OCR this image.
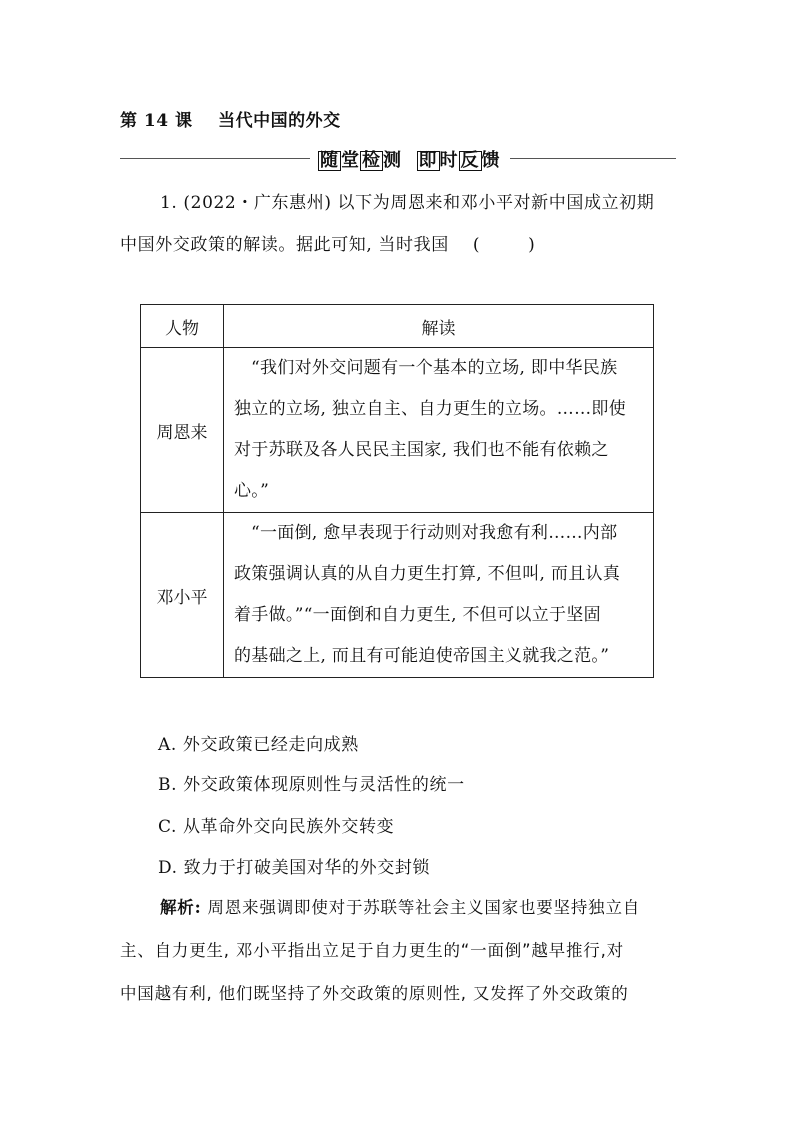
第 14 课    当代中国的外交
随 堂 检 测 即 时 反 馈
1. (2022・广东惠州) 以下为周恩来和邓小平对新中国成立初期
中国外交政策的解读。据此可知, 当时我国    (        )
人物	解读
周恩来	“我们对外交问题有一个基本的立场, 即中华民族
独立的立场, 独立自主、自力更生的立场。……即使
对于苏联及各人民民主国家, 我们也不能有依赖之
心。”

邓小平	“一面倒, 愈早表现于行动则对我愈有利……内部
政策强调认真的从自力更生打算, 不但叫, 而且认真
着手做。”“一面倒和自力更生, 不但可以立于坚固
的基础之上, 而且有可能迫使帝国主义就我之范。”
A. 外交政策已经走向成熟
B. 外交政策体现原则性与灵活性的统一
C. 从革命外交向民族外交转变
D. 致力于打破美国对华的外交封锁
解析: 周恩来强调即使对于苏联等社会主义国家也要坚持独立自
主、自力更生, 邓小平指出立足于自力更生的“一面倒”越早推行,对
中国越有利, 他们既坚持了外交政策的原则性, 又发挥了外交政策的
